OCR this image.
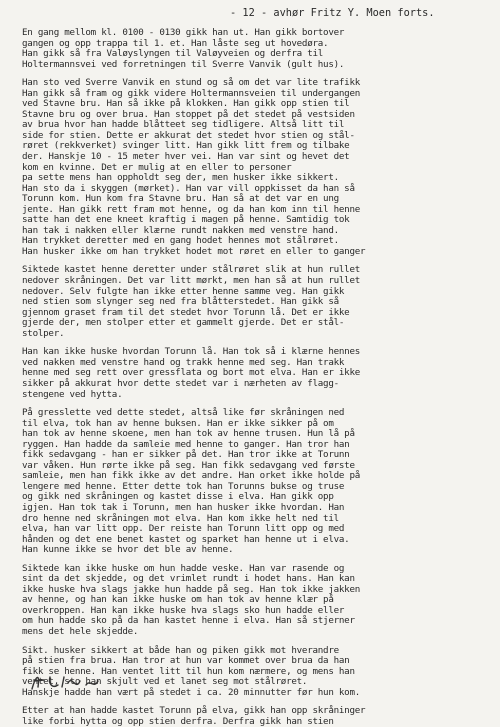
- 12 - avhør Fritz Y. Moen forts.
En gang mellom kl. 0100 - 0130 gikk han ut. Han gikk bortover
gangen og opp trappa til 1. et. Han låste seg ut hovedøra.
Han gikk så fra Valøyslyngen til Valøyveien og derfra til
Holtermannsvei ved forretningen til Sverre Vanvik (gult hus).
Han sto ved Sverre Vanvik en stund og så om det var lite trafikk
Han gikk så fram og gikk videre Holtermannsveien til undergangen
ved Stavne bru. Han så ikke på klokken. Han gikk opp stien til
Stavne bru og over brua. Han stoppet på det stedet på vestsiden
av brua hvor han hadde blåtteet seg tidligere. Altså litt til
side for stien. Dette er akkurat det stedet hvor stien og stål-
røret (rekkverket) svinger litt. Han gikk litt frem og tilbake
der. Hanskje 10 - 15 meter hver vei. Han var sint og hevet det
kom en kvinne. Det er mulig at en eller to personer
pa sette mens han oppholdt seg der, men husker ikke sikkert.
Han sto da i skyggen (mørket). Han var vill oppkisset da han så
Torunn kom. Hun kom fra Stavne bru. Han så at det var en ung
jente. Han gikk rett fram mot henne, og da han kom inn til henne
satte han det ene kneet kraftig i magen på henne. Samtidig tok
han tak i nakken eller klærne rundt nakken med venstre hand.
Han trykket deretter med en gang hodet hennes mot stålrøret.
Han husker ikke om han trykket hodet mot røret en eller to ganger
Siktede kastet henne deretter under stålrøret slik at hun rullet
nedover skråningen. Det var litt mørkt, men han så at hun rullet
nedover. Selv fulgte han ikke etter henne samme veg. Han gikk
ned stien som slynger seg ned fra blåtterstedet. Han gikk så
gjennom graset fram til det stedet hvor Torunn lå. Det er ikke
gjerde der, men stolper etter et gammelt gjerde. Det er stål-
stolper.
Han kan ikke huske hvordan Torunn lå. Han tok så i klærne hennes
ved nakken med venstre hand og trakk henne med seg. Han trakk
henne med seg rett over gressflata og bort mot elva. Han er ikke
sikker på akkurat hvor dette stedet var i nærheten av flagg-
stengene ved hytta.
På gresslette ved dette stedet, altså like før skråningen ned
til elva, tok han av henne buksen. Han er ikke sikker på om
han tok av henne skoene, men han tok av henne trusen. Hun lå på
ryggen. Han hadde da samleie med henne to ganger. Han tror han
fikk sedavgang - han er sikker på det. Han tror ikke at Torunn
var våken. Hun rørte ikke på seg. Han fikk sedavgang ved første
samleie, men han fikk ikke av det andre. Han orket ikke holde på
lengere med henne. Etter dette tok han Torunns bukse og truse
og gikk ned skråningen og kastet disse i elva. Han gikk opp
igjen. Han tok tak i Torunn, men han husker ikke hvordan. Han
dro henne ned skråningen mot elva. Han kom ikke helt ned til
elva, han var litt opp. Der reiste han Torunn litt opp og med
hånden og det ene benet kastet og sparket han henne ut i elva.
Han kunne ikke se hvor det ble av henne.
Siktede kan ikke huske om hun hadde veske. Han var rasende og
sint da det skjedde, og det vrimlet rundt i hodet hans. Han kan
ikke huske hva slags jakke hun hadde på seg. Han tok ikke jakken
av henne, og han kan ikke huske om han tok av henne klær på
overkroppen. Han kan ikke huske hva slags sko hun hadde eller
om hun hadde sko på da han kastet henne i elva. Han så stjerner
mens det hele skjedde.
Sikt. husker sikkert at både han og piken gikk mot hverandre
på stien fra brua. Han tror at hun var kommet over brua da han
fikk se henne. Han ventet litt til hun kom nærmere, og mens han
ventet, sto han skjult ved et lanet seg mot stålrøret.
Hanskje hadde han vært på stedet i ca. 20 minnutter før hun kom.
Etter at han hadde kastet Torunn på elva, gikk han opp skråninger
like forbi hytta og opp stien derfra. Derfra gikk han stien
